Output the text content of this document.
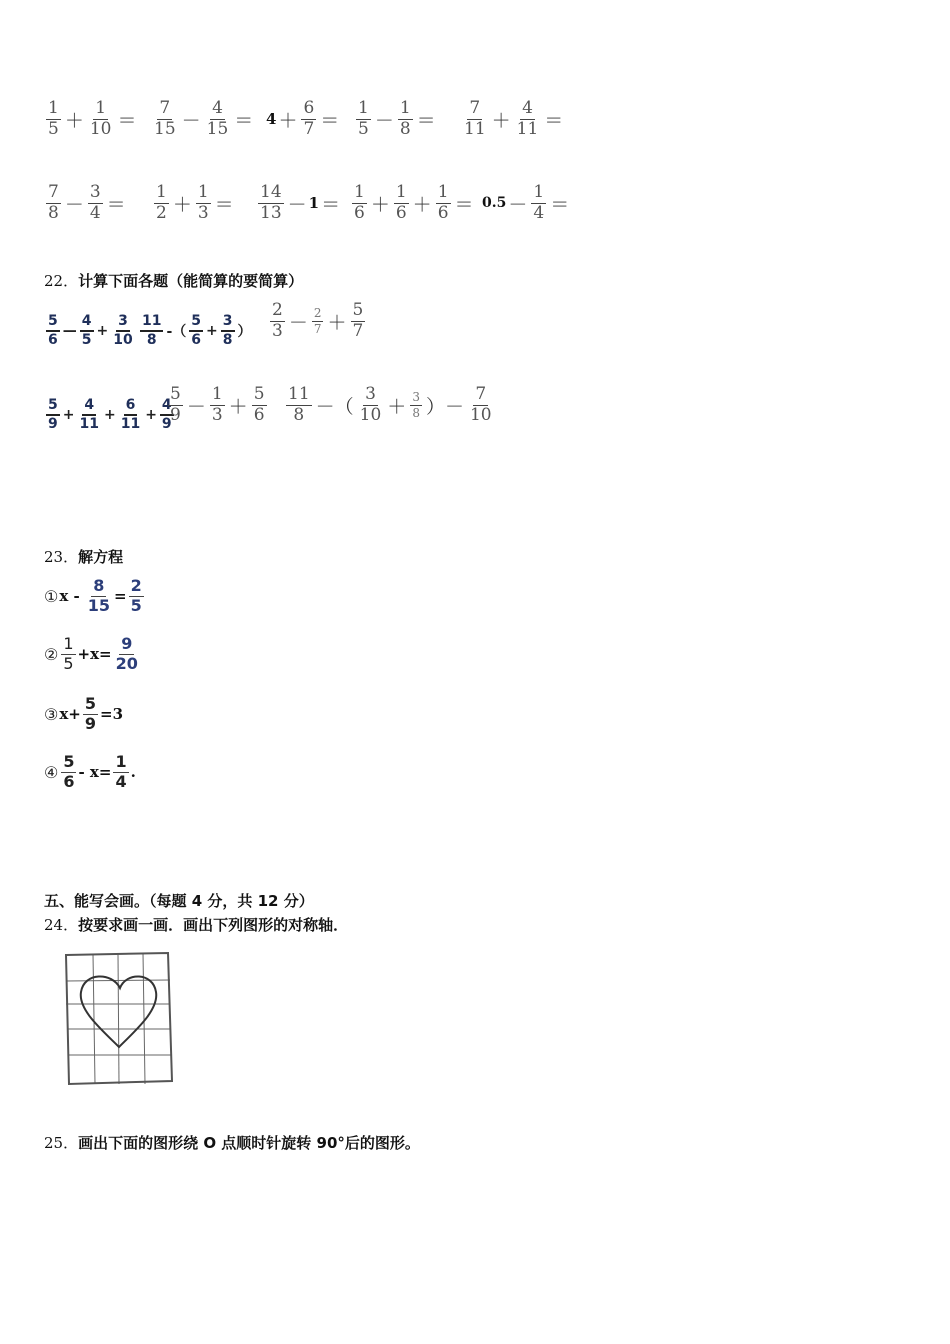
$\frac{1}{5} + \frac{1}{10} = \frac{7}{15} - \frac{4}{15} = 4 + \frac{6}{7} = \frac{1}{5} - \frac{1}{8} = \frac{7}{11} + \frac{4}{11}$ ＝
$\frac{7}{8} - \frac{3}{4} = \frac{1}{2} + \frac{1}{3} = \frac{14}{13} - 1 = \frac{1}{6} + \frac{1}{6} + \frac{1}{6} = 0.5 - \frac{1}{4}$ ＝
22．计算下面各题（能简算的要简算）
$\frac{5}{6}$ — $\frac{4}{5} + \frac{3}{10} \frac{11}{8}$ -（ $\frac{5}{6} + \frac{3}{8}$ ） $\frac{2}{3} - \frac{2}{7} + \frac{5}{7}$
$\frac{5}{9} + \frac{4}{11} + \frac{6}{11} + \frac{4}{9}$
$\frac{5}{9} - \frac{1}{3} + \frac{5}{6} \frac{11}{8}$ －（ $\frac{3}{10} + \frac{3}{8}$ ）－ $\frac{7}{10}$
23．解方程
① $x - \frac{8}{15} = \frac{2}{5}$
② $\frac{1}{5} +x= \frac{9}{20}$
③ $x+ \frac{5}{9} =3$
④ $\frac{5}{6} - x= \frac{1}{4}$ .
五、能写会画。（每题 4 分，共 12 分）
24．按要求画一画．画出下列图形的对称轴．
25．画出下面的图形绕 O 点顺时针旋转 90°后的图形。
